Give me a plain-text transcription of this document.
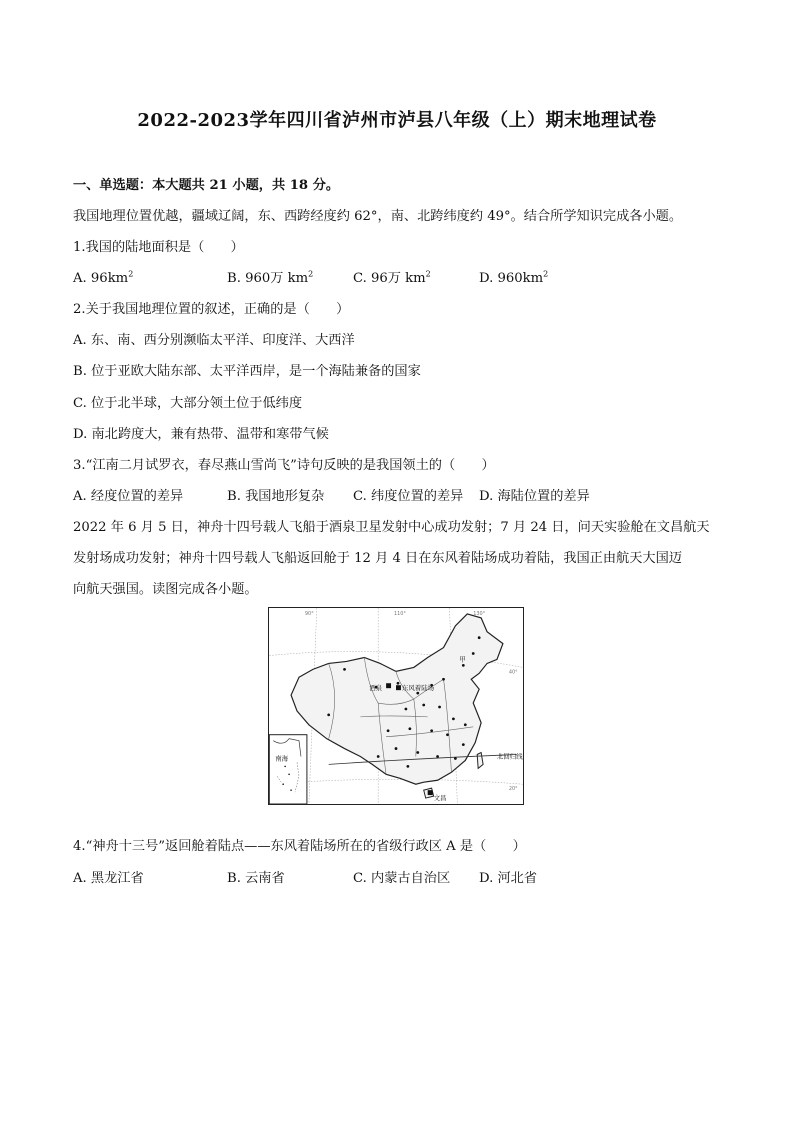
2022-2023学年四川省泸州市泸县八年级（上）期末地理试卷
一、单选题：本大题共 21 小题，共 18 分。
我国地理位置优越，疆域辽阔，东、西跨经度约 62°，南、北跨纬度约 49°。结合所学知识完成各小题。
1.我国的陆地面积是（　　）
A. $96km^2$	B. 960万 $km^2$	C. 96万 $km^2$	D. $960km^2$
2.关于我国地理位置的叙述，正确的是（　　）
A. 东、南、西分别濒临太平洋、印度洋、大西洋
B. 位于亚欧大陆东部、太平洋西岸，是一个海陆兼备的国家
C. 位于北半球，大部分领土位于低纬度
D. 南北跨度大，兼有热带、温带和寒带气候
3.“江南二月试罗衣，春尽燕山雪尚飞”诗句反映的是我国领土的（　　）
A. 经度位置的差异	B. 我国地形复杂 C. 纬度位置的差异 D. 海陆位置的差异
2022 年 6 月 5 日，神舟十四号载人飞船于酒泉卫星发射中心成功发射；7 月 24 日，问天实验舱在文昌航天
发射场成功发射；神舟十四号载人飞船返回舱于 12 月 4 日在东风着陆场成功着陆，我国正由航天大国迈
向航天强国。读图完成各小题。
甲
酒泉	东风着陆场
北回归线
文昌
90°	110°	130°
40°
20°
南海
4.“神舟十三号”返回舱着陆点——东风着陆场所在的省级行政区 A 是（　　）
A. 黑龙江省	B. 云南省	C. 内蒙古自治区 D. 河北省
